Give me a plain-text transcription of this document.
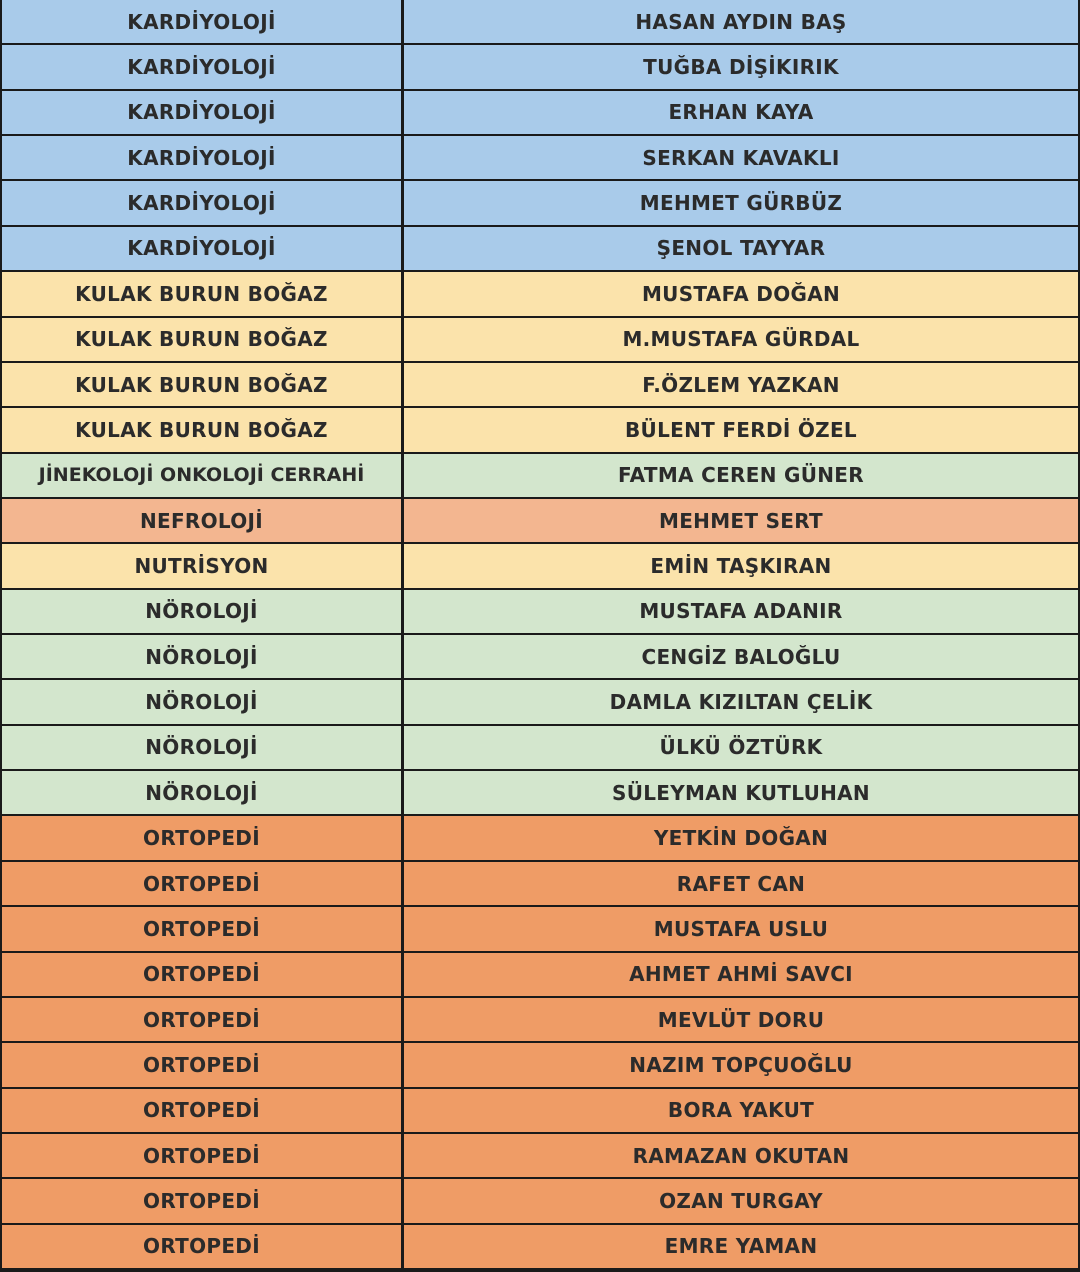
KARDİYOLOJİ	HASAN AYDIN BAŞ
KARDİYOLOJİ	TUĞBA DİŞİKIRIK
KARDİYOLOJİ	ERHAN KAYA
KARDİYOLOJİ	SERKAN KAVAKLI
KARDİYOLOJİ	MEHMET GÜRBÜZ
KARDİYOLOJİ	ŞENOL TAYYAR
KULAK BURUN BOĞAZ	MUSTAFA DOĞAN
KULAK BURUN BOĞAZ	M.MUSTAFA GÜRDAL
KULAK BURUN BOĞAZ	F.ÖZLEM YAZKAN
KULAK BURUN BOĞAZ	BÜLENT FERDİ ÖZEL
JİNEKOLOJİ ONKOLOJİ CERRAHİ	FATMA CEREN GÜNER
NEFROLOJİ	MEHMET SERT
NUTRİSYON	EMİN TAŞKIRAN
NÖROLOJİ	MUSTAFA ADANIR
NÖROLOJİ	CENGİZ BALOĞLU
NÖROLOJİ	DAMLA KIZILTAN ÇELİK
NÖROLOJİ	ÜLKÜ ÖZTÜRK
NÖROLOJİ	SÜLEYMAN KUTLUHAN
ORTOPEDİ	YETKİN DOĞAN
ORTOPEDİ	RAFET CAN
ORTOPEDİ	MUSTAFA USLU
ORTOPEDİ	AHMET AHMİ SAVCI
ORTOPEDİ	MEVLÜT DORU
ORTOPEDİ	NAZIM TOPÇUOĞLU
ORTOPEDİ	BORA YAKUT
ORTOPEDİ	RAMAZAN OKUTAN
ORTOPEDİ	OZAN TURGAY
ORTOPEDİ	EMRE YAMAN
